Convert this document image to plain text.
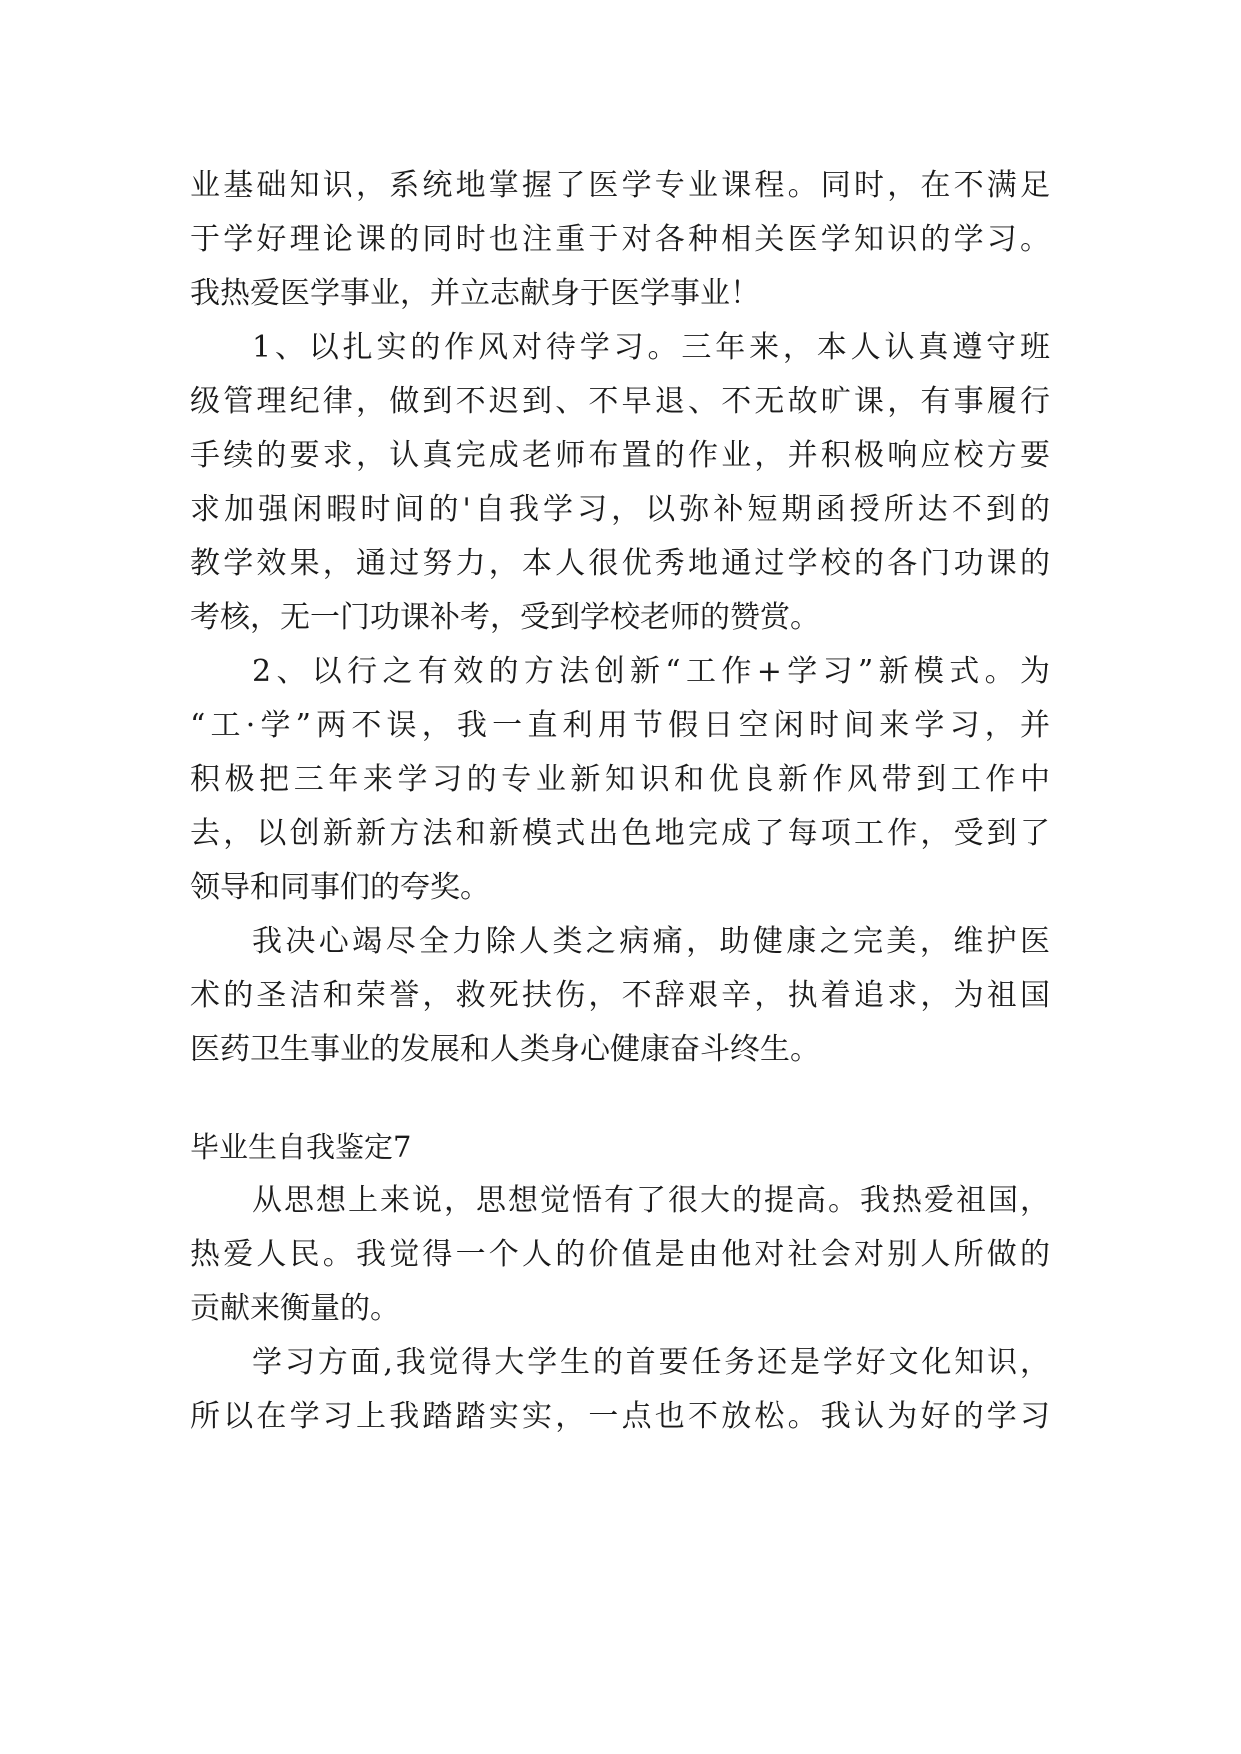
业基础知识，系统地掌握了医学专业课程。同时，在不满足
于学好理论课的同时也注重于对各种相关医学知识的学习。
我热爱医学事业，并立志献身于医学事业！
1、以扎实的作风对待学习。三年来，本人认真遵守班
级管理纪律，做到不迟到、不早退、不无故旷课，有事履行
手续的要求，认真完成老师布置的作业，并积极响应校方要
求加强闲暇时间的'自我学习，以弥补短期函授所达不到的
教学效果，通过努力，本人很优秀地通过学校的各门功课的
考核，无一门功课补考，受到学校老师的赞赏。
2、以行之有效的方法创新“工作+学习”新模式。为
“工·学”两不误，我一直利用节假日空闲时间来学习，并
积极把三年来学习的专业新知识和优良新作风带到工作中
去，以创新新方法和新模式出色地完成了每项工作，受到了
领导和同事们的夸奖。
我决心竭尽全力除人类之病痛，助健康之完美，维护医
术的圣洁和荣誉，救死扶伤，不辞艰辛，执着追求，为祖国
医药卫生事业的发展和人类身心健康奋斗终生。
毕业生自我鉴定7
从思想上来说，思想觉悟有了很大的提高。我热爱祖国，
热爱人民。我觉得一个人的价值是由他对社会对别人所做的
贡献来衡量的。
学习方面,我觉得大学生的首要任务还是学好文化知识，
所以在学习上我踏踏实实，一点也不放松。我认为好的学习
